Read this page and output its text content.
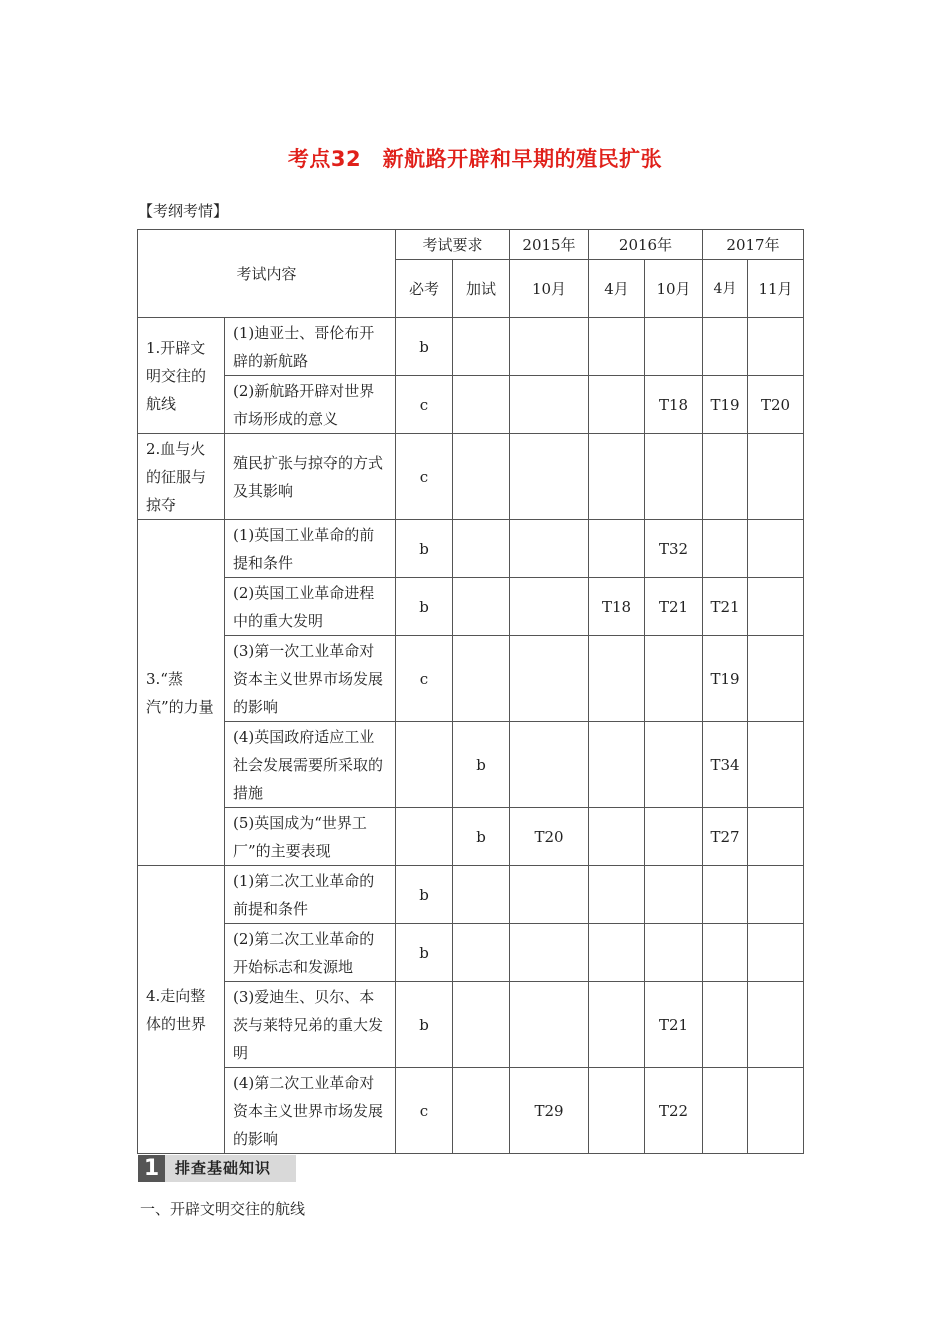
考点32　新航路开辟和早期的殖民扩张
【考纲考情】
考试内容		考试要求		2015年	2016年		2017年	
		必考	加试	10月	4月	10月	4月	11月
1.开辟文明交往的航线	(1)迪亚士、哥伦布开辟的新航路	b						
	(2)新航路开辟对世界市场形成的意义	c				T18	T19	T20
2.血与火的征服与掠夺	殖民扩张与掠夺的方式及其影响	c						
3.“蒸汽”的力量	(1)英国工业革命的前提和条件	b				T32		
	(2)英国工业革命进程中的重大发明	b			T18	T21	T21	
	(3)第一次工业革命对资本主义世界市场发展的影响	c					T19	
	(4)英国政府适应工业社会发展需要所采取的措施		b				T34	
	(5)英国成为“世界工厂”的主要表现		b	T20			T27	
4.走向整体的世界	(1)第二次工业革命的前提和条件	b						
	(2)第二次工业革命的开始标志和发源地	b						
	(3)爱迪生、贝尔、本茨与莱特兄弟的重大发明	b				T21		
	(4)第二次工业革命对资本主义世界市场发展的影响	c		T29		T22		
1	排查基础知识
一、开辟文明交往的航线
